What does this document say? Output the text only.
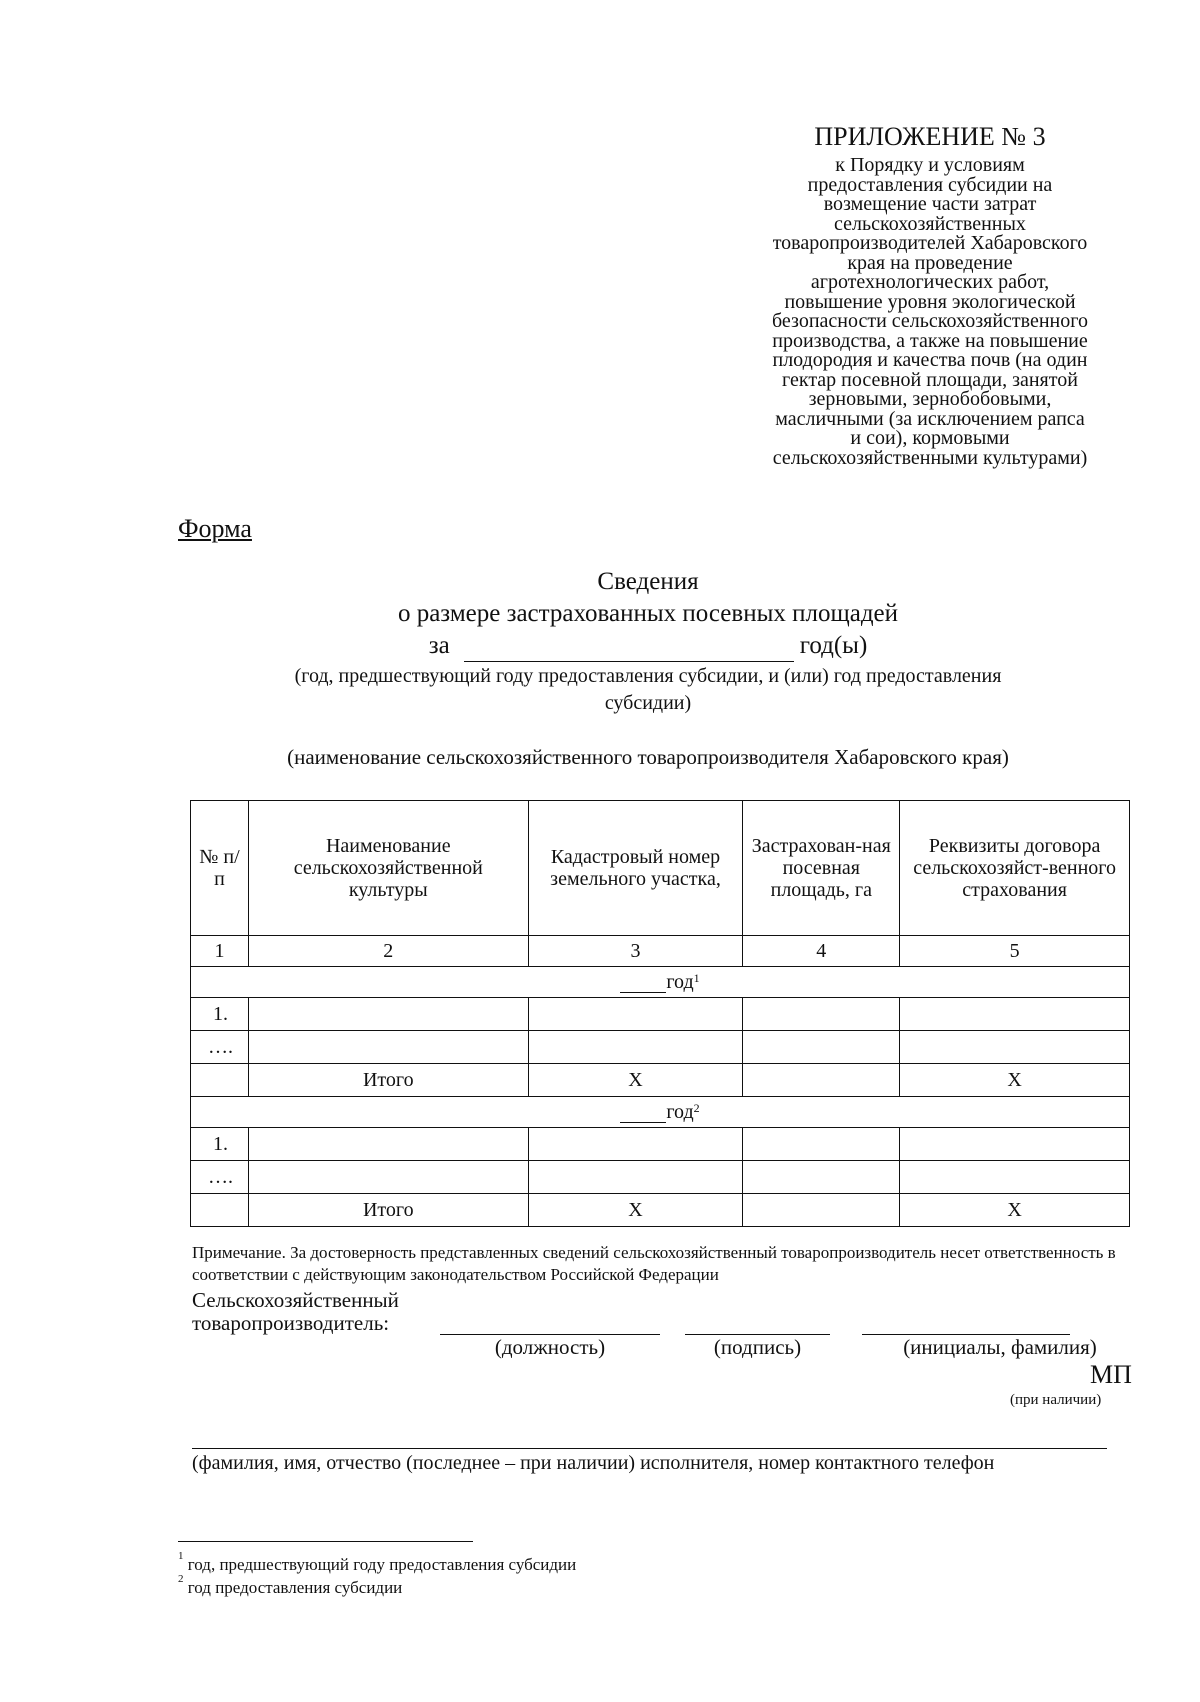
ПРИЛОЖЕНИЕ № 3
к Порядку и условиям
предоставления субсидии на
возмещение части затрат
сельскохозяйственных
товаропроизводителей Хабаровского
края на проведение
агротехнологических работ,
повышение уровня экологической
безопасности сельскохозяйственного
производства, а также на повышение
плодородия и качества почв (на один
гектар посевной площади, занятой
зерновыми, зернобобовыми,
масличными (за исключением рапса
и сои), кормовыми
сельскохозяйственными культурами)
Форма
Сведения
о размере застрахованных посевных площадей
за	год(ы)
(год, предшествующий году предоставления субсидии, и (или) год предоставления
субсидии)
(наименование сельскохозяйственного товаропроизводителя Хабаровского края)
№ п/п	Наименование сельскохозяйственной культуры	Кадастровый номер земельного участка,	Застрахован-ная посевная площадь, га	Реквизиты договора сельскохозяйст-венного страхования
1	2	3	4	5
год$^1$
1.				
….				
	Итого	Х		Х
год$^2$
1.				
….				
	Итого	Х		Х
Примечание. За достоверность представленных сведений сельскохозяйственный товаропроизводитель несет ответственность в соответствии с действующим законодательством Российской Федерации
Сельскохозяйственный
товаропроизводитель:
(должность)	(подпись)	(инициалы, фамилия)
МП
(при наличии)
(фамилия, имя, отчество (последнее – при наличии) исполнителя, номер контактного телефон
$^1$ год, предшествующий году предоставления субсидии
$^2$ год предоставления субсидии
